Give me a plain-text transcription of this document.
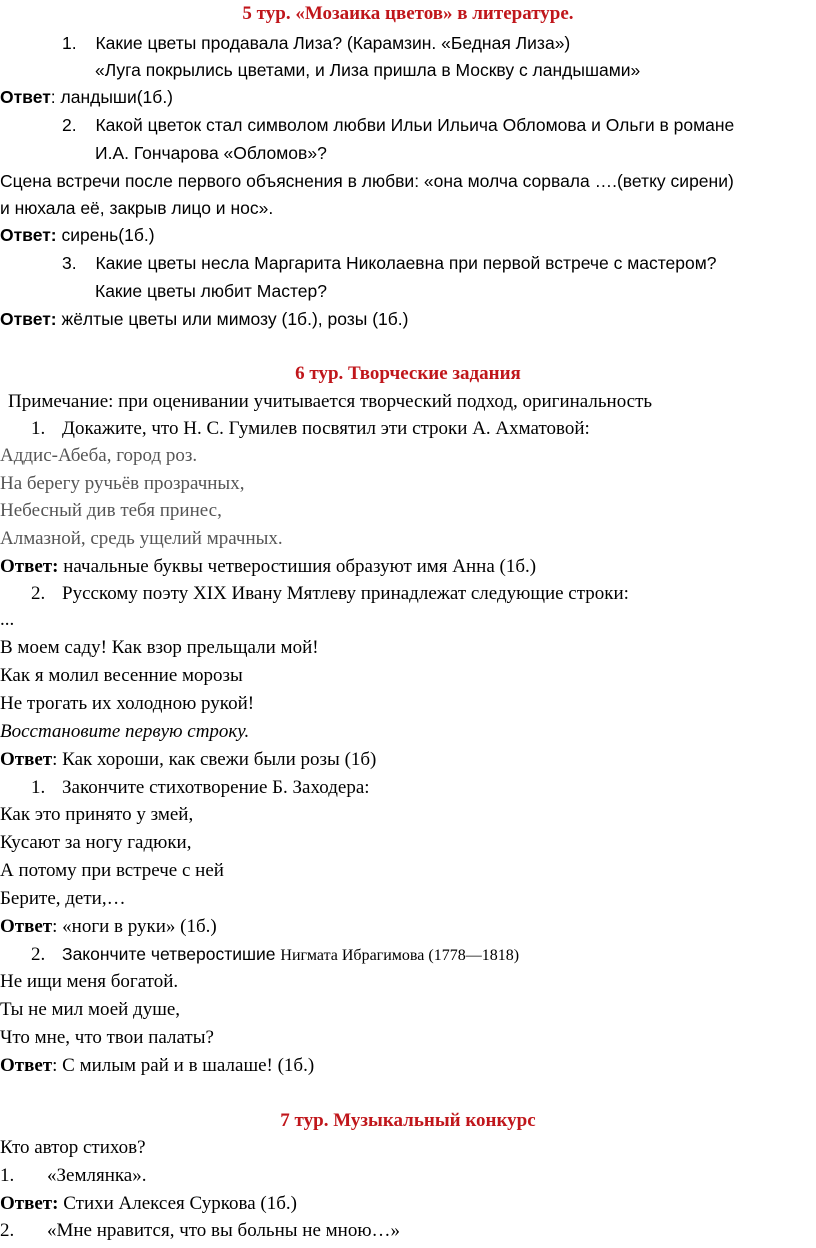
5 тур. «Мозаика цветов» в литературе.
1. Какие цветы продавала Лиза? (Карамзин. «Бедная Лиза»)
«Луга покрылись цветами, и Лиза пришла в Москву с ландышами»
Ответ: ландыши(1б.)
2. Какой цветок стал символом любви Ильи Ильича Обломова и Ольги в романе
И.А. Гончарова «Обломов»?
Сцена встречи после первого объяснения в любви: «она молча сорвала ….(ветку сирени)
и нюхала её, закрыв лицо и нос».
Ответ: сирень(1б.)
3. Какие цветы несла Маргарита Николаевна при первой встрече с мастером?
Какие цветы любит Мастер?
Ответ: жёлтые цветы или мимозу (1б.), розы (1б.)
6 тур. Творческие задания
Примечание: при оценивании учитывается творческий подход, оригинальность
1. Докажите, что Н. С. Гумилев посвятил эти строки А. Ахматовой:
Аддис-Абеба, город роз.
На берегу ручьёв прозрачных,
Небесный див тебя принес,
Алмазной, средь ущелий мрачных.
Ответ: начальные буквы четверостишия образуют имя Анна (1б.)
2. Русскому поэту XIX Ивану Мятлеву принадлежат следующие строки:
...
В моем саду! Как взор прельщали мой!
Как я молил весенние морозы
Не трогать их холодною рукой!
Восстановите первую строку.
Ответ: Как хороши, как свежи были розы (1б)
1. Закончите стихотворение Б. Заходера:
Как это принято у змей,
Кусают за ногу гадюки,
А потому при встрече с ней
Берите, дети,…
Ответ: «ноги в руки» (1б.)
2. Закончите четверостишие Нигмата Ибрагимова (1778—1818)
Не ищи меня богатой.
Ты не мил моей душе,
Что мне, что твои палаты?
Ответ: С милым рай и в шалаше! (1б.)
7 тур. Музыкальный конкурс
Кто автор стихов?
1. «Землянка».
Ответ: Стихи Алексея Суркова (1б.)
2. «Мне нравится, что вы больны не мною…»
